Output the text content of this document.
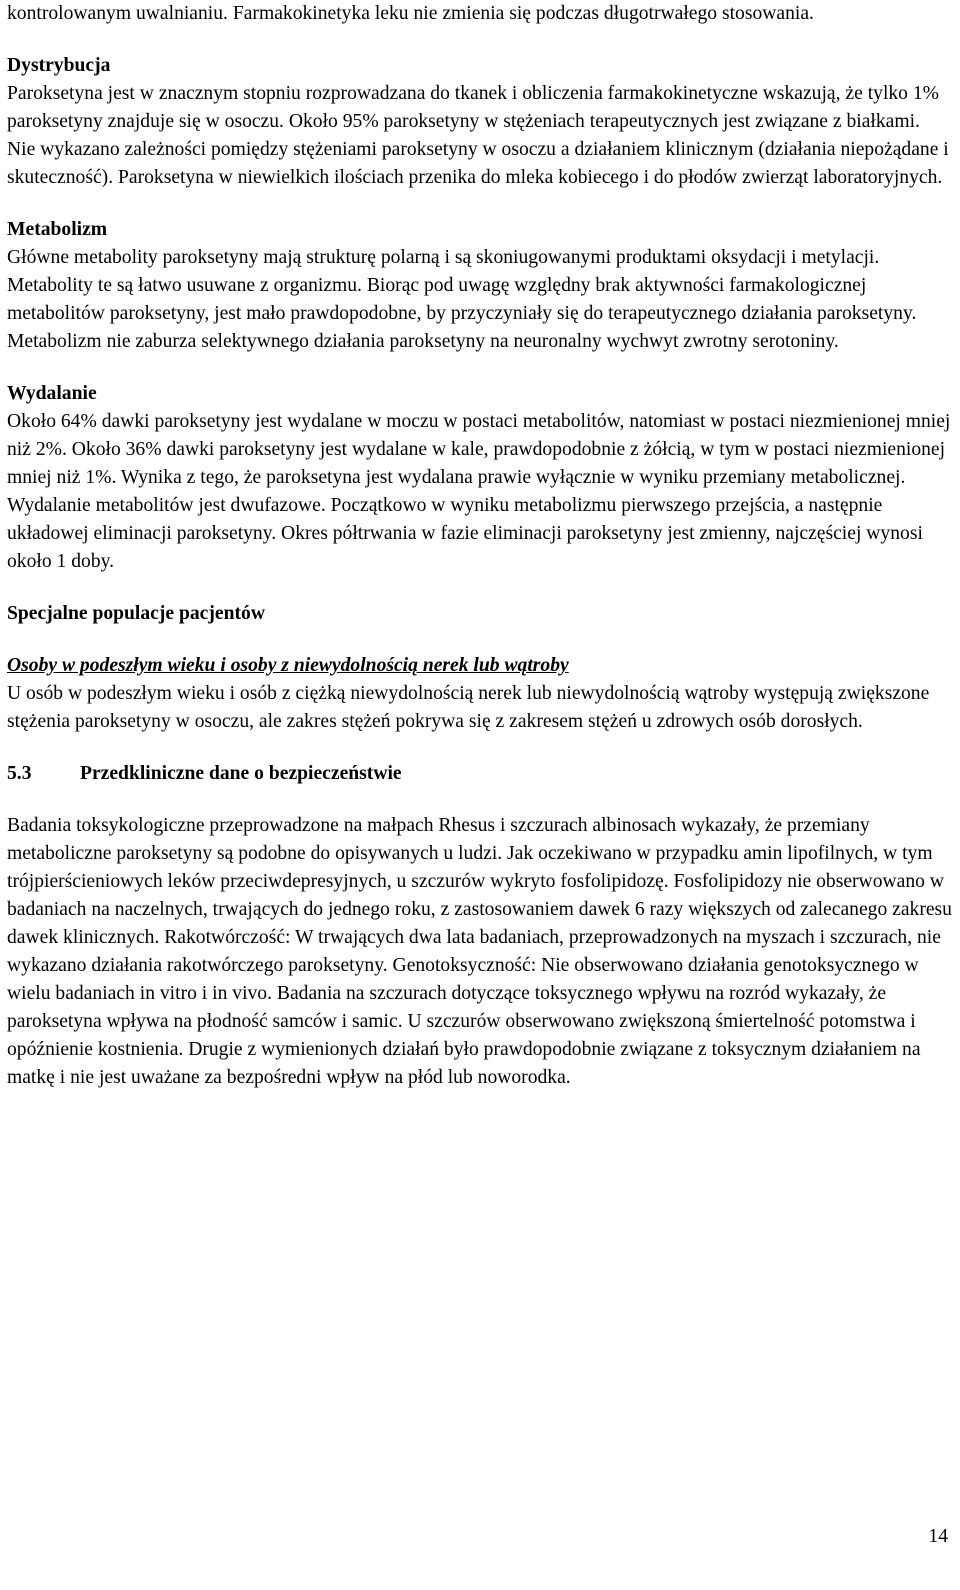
kontrolowanym uwalnianiu. Farmakokinetyka leku nie zmienia się podczas długotrwałego stosowania.

Dystrybucja

Paroksetyna jest w znacznym stopniu rozprowadzana do tkanek i obliczenia farmakokinetyczne wskazują, że tylko 1% paroksetyny znajduje się w osoczu. Około 95% paroksetyny w stężeniach terapeutycznych jest związane z białkami. Nie wykazano zależności pomiędzy stężeniami paroksetyny w osoczu a działaniem klinicznym (działania niepożądane i skuteczność). Paroksetyna w niewielkich ilościach przenika do mleka kobiecego i do płodów zwierząt laboratoryjnych.

Metabolizm

Główne metabolity paroksetyny mają strukturę polarną i są skoniugowanymi produktami oksydacji i metylacji. Metabolity te są łatwo usuwane z organizmu. Biorąc pod uwagę względny brak aktywności farmakologicznej metabolitów paroksetyny, jest mało prawdopodobne, by przyczyniały się do terapeutycznego działania paroksetyny.

Metabolizm nie zaburza selektywnego działania paroksetyny na neuronalny wychwyt zwrotny serotoniny.

Wydalanie

Około 64% dawki paroksetyny jest wydalane w moczu w postaci metabolitów, natomiast w postaci niezmienionej mniej niż 2%. Około 36% dawki paroksetyny jest wydalane w kale, prawdopodobnie z żółcią, w tym w postaci niezmienionej mniej niż 1%. Wynika z tego, że paroksetyna jest wydalana prawie wyłącznie w wyniku przemiany metabolicznej. Wydalanie metabolitów jest dwufazowe. Początkowo w wyniku metabolizmu pierwszego przejścia, a następnie układowej eliminacji paroksetyny. Okres półtrwania w fazie eliminacji paroksetyny jest zmienny, najczęściej wynosi około 1 doby.

Specjalne populacje pacjentów

Osoby w podeszłym wieku i osoby z niewydolnością nerek lub wątroby

U osób w podeszłym wieku i osób z ciężką niewydolnością nerek lub niewydolnością wątroby występują zwiększone stężenia paroksetyny w osoczu, ale zakres stężeń pokrywa się z zakresem stężeń u zdrowych osób dorosłych.

5.3	Przedkliniczne dane o bezpieczeństwie

Badania toksykologiczne przeprowadzone na małpach Rhesus i szczurach albinosach wykazały, że przemiany metaboliczne paroksetyny są podobne do opisywanych u ludzi. Jak oczekiwano w przypadku amin lipofilnych, w tym trójpierścieniowych leków przeciwdepresyjnych, u szczurów wykryto fosfolipidozę. Fosfolipidozy nie obserwowano w badaniach na naczelnych, trwających do jednego roku, z zastosowaniem dawek 6 razy większych od zalecanego zakresu dawek klinicznych. Rakotwórczość: W trwających dwa lata badaniach, przeprowadzonych na myszach i szczurach, nie wykazano działania rakotwórczego paroksetyny. Genotoksyczność: Nie obserwowano działania genotoksycznego w wielu badaniach in vitro i in vivo. Badania na szczurach dotyczące toksycznego wpływu na rozród wykazały, że paroksetyna wpływa na płodność samców i samic. U szczurów obserwowano zwiększoną śmiertelność potomstwa i opóźnienie kostnienia. Drugie z wymienionych działań było prawdopodobnie związane z toksycznym działaniem na matkę i nie jest uważane za bezpośredni wpływ na płód lub noworodka.

14
